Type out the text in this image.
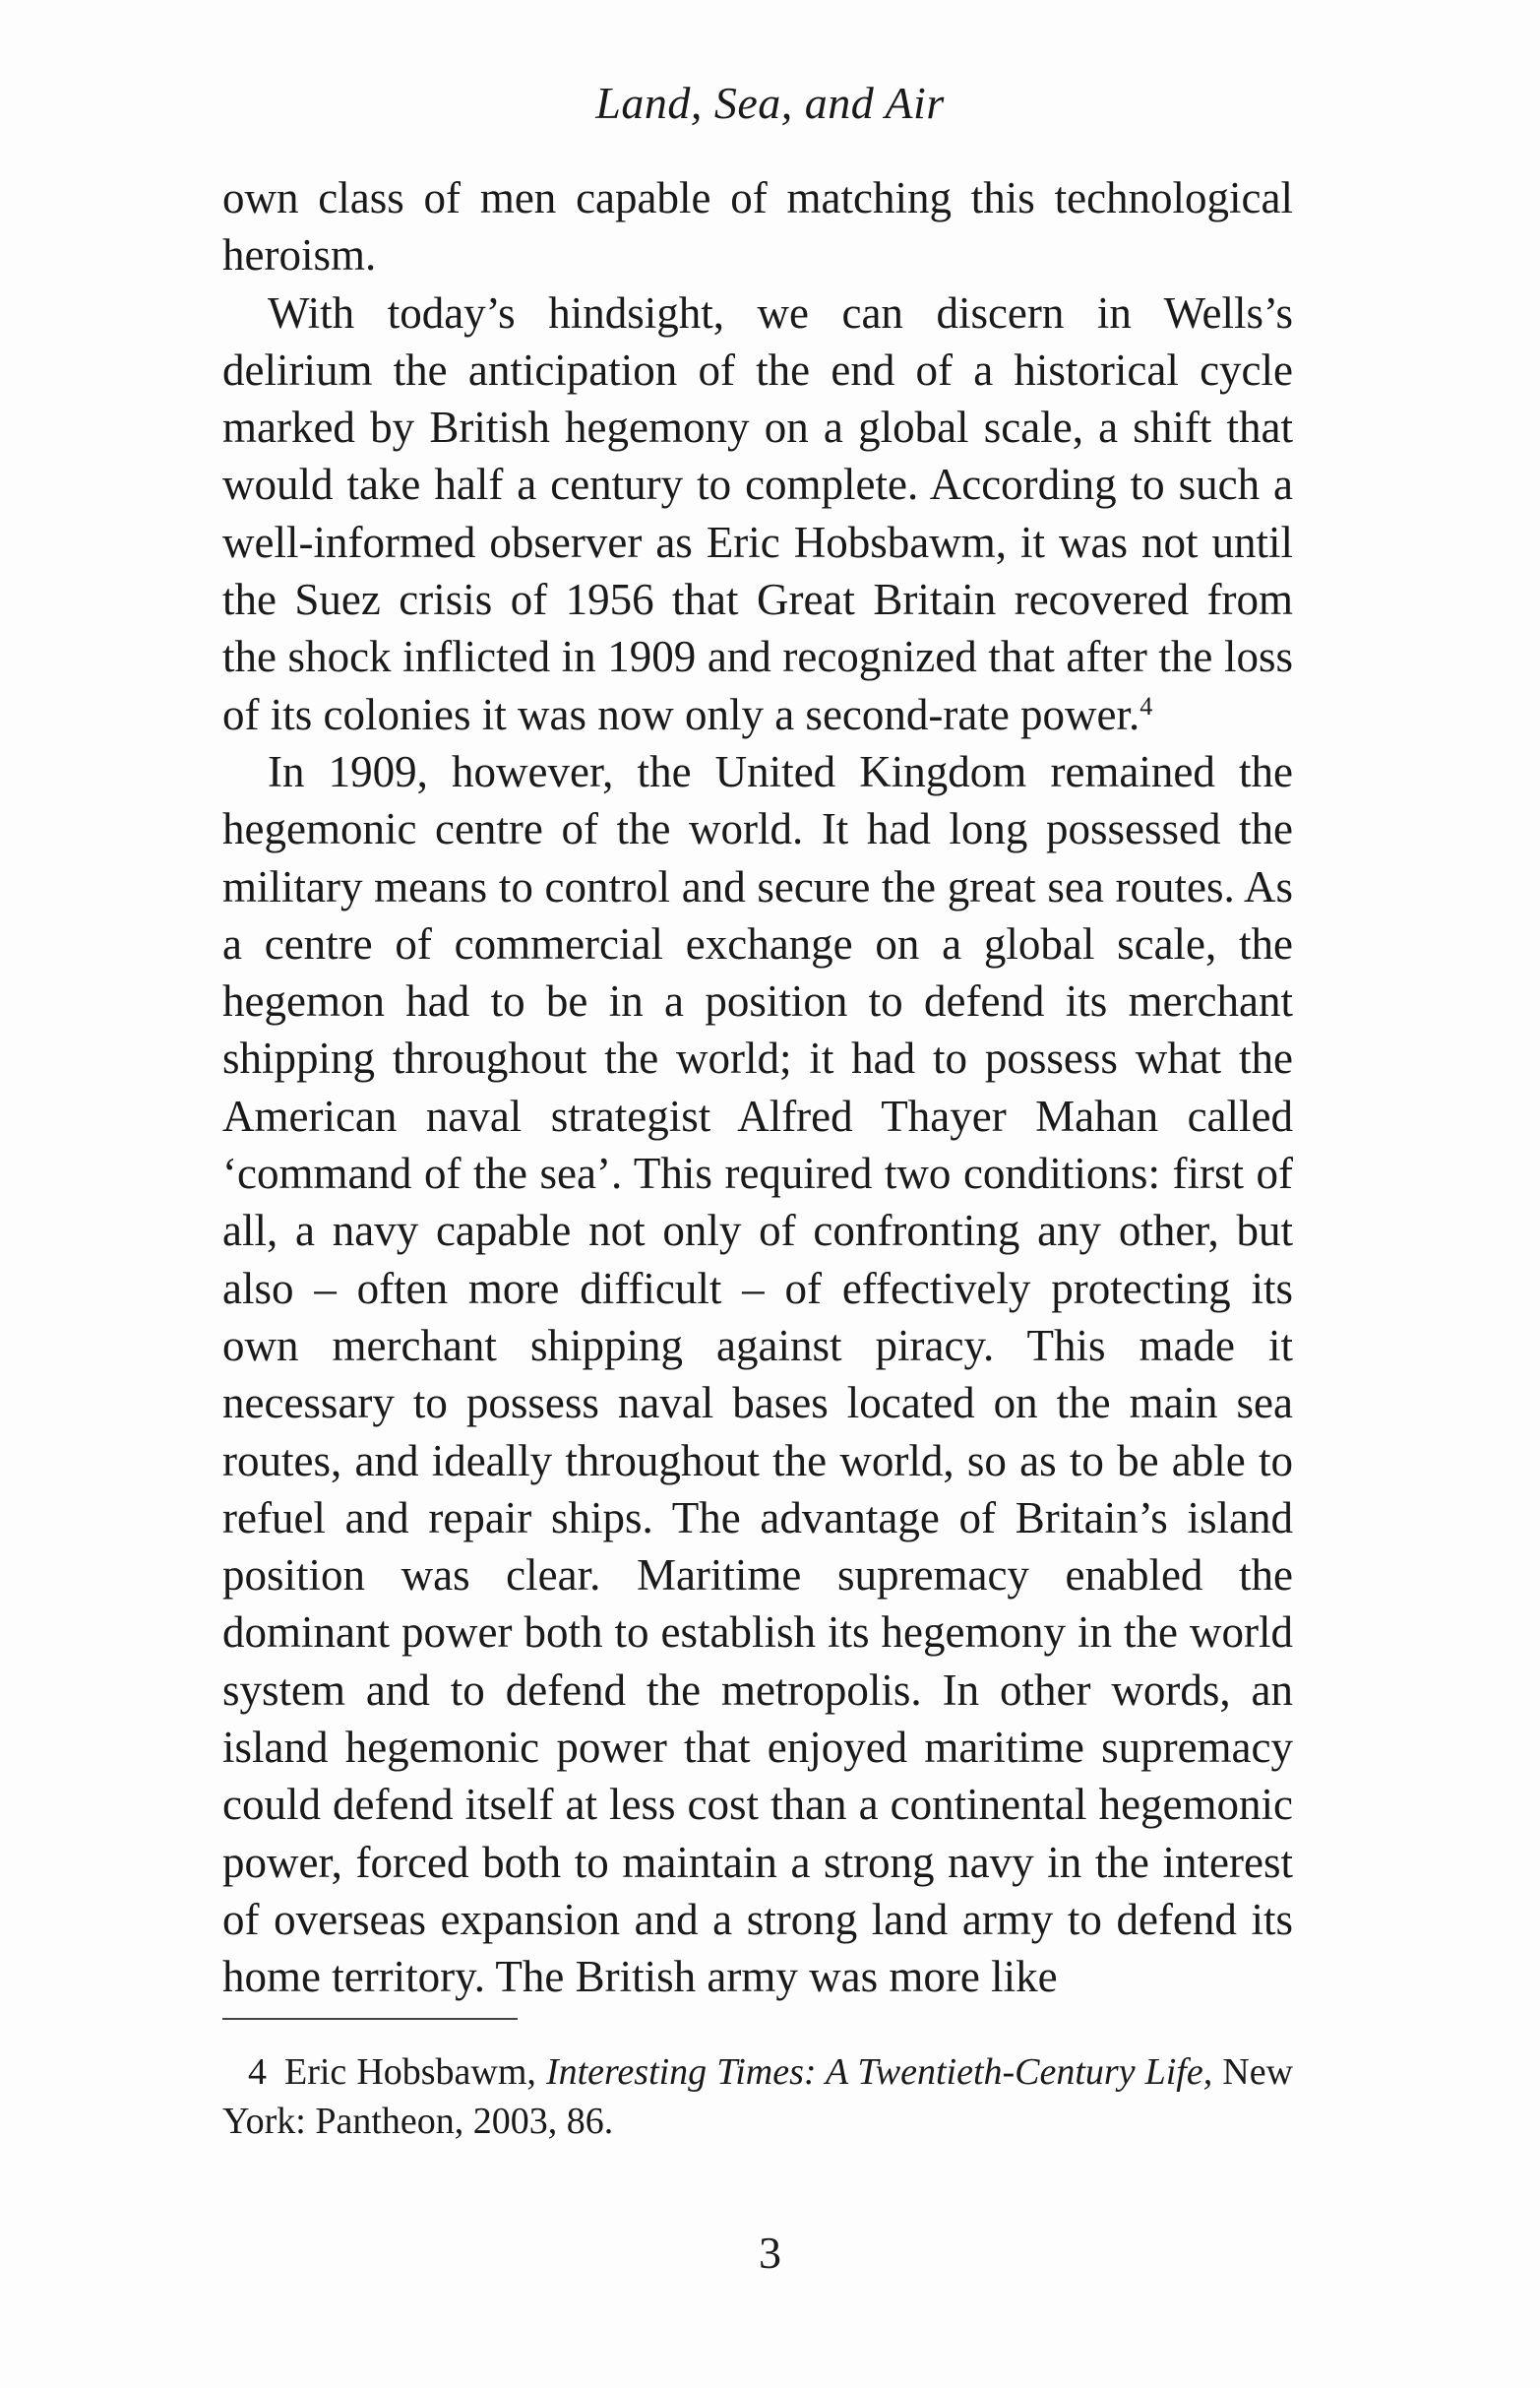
Land, Sea, and Air

own class of men capable of matching this technological heroism.

With today’s hindsight, we can discern in Wells’s delirium the anticipation of the end of a historical cycle marked by British hegemony on a global scale, a shift that would take half a century to complete. According to such a well-informed observer as Eric Hobsbawm, it was not until the Suez crisis of 1956 that Great Britain recovered from the shock inflicted in 1909 and recognized that after the loss of its colonies it was now only a second-rate power.$^4$

In 1909, however, the United Kingdom remained the hegemonic centre of the world. It had long possessed the military means to control and secure the great sea routes. As a centre of commercial exchange on a global scale, the hegemon had to be in a position to defend its merchant shipping throughout the world; it had to possess what the American naval strategist Alfred Thayer Mahan called ‘command of the sea’. This required two conditions: first of all, a navy capable not only of confronting any other, but also – often more difficult – of effectively protecting its own merchant shipping against piracy. This made it necessary to possess naval bases located on the main sea routes, and ideally throughout the world, so as to be able to refuel and repair ships. The advantage of Britain’s island position was clear. Maritime supremacy enabled the dominant power both to establish its hegemony in the world system and to defend the metropolis. In other words, an island hegemonic power that enjoyed maritime supremacy could defend itself at less cost than a continental hegemonic power, forced both to maintain a strong navy in the interest of overseas expansion and a strong land army to defend its home territory. The British army was more like

4 Eric Hobsbawm, Interesting Times: A Twentieth-Century Life, New York: Pantheon, 2003, 86.
3
